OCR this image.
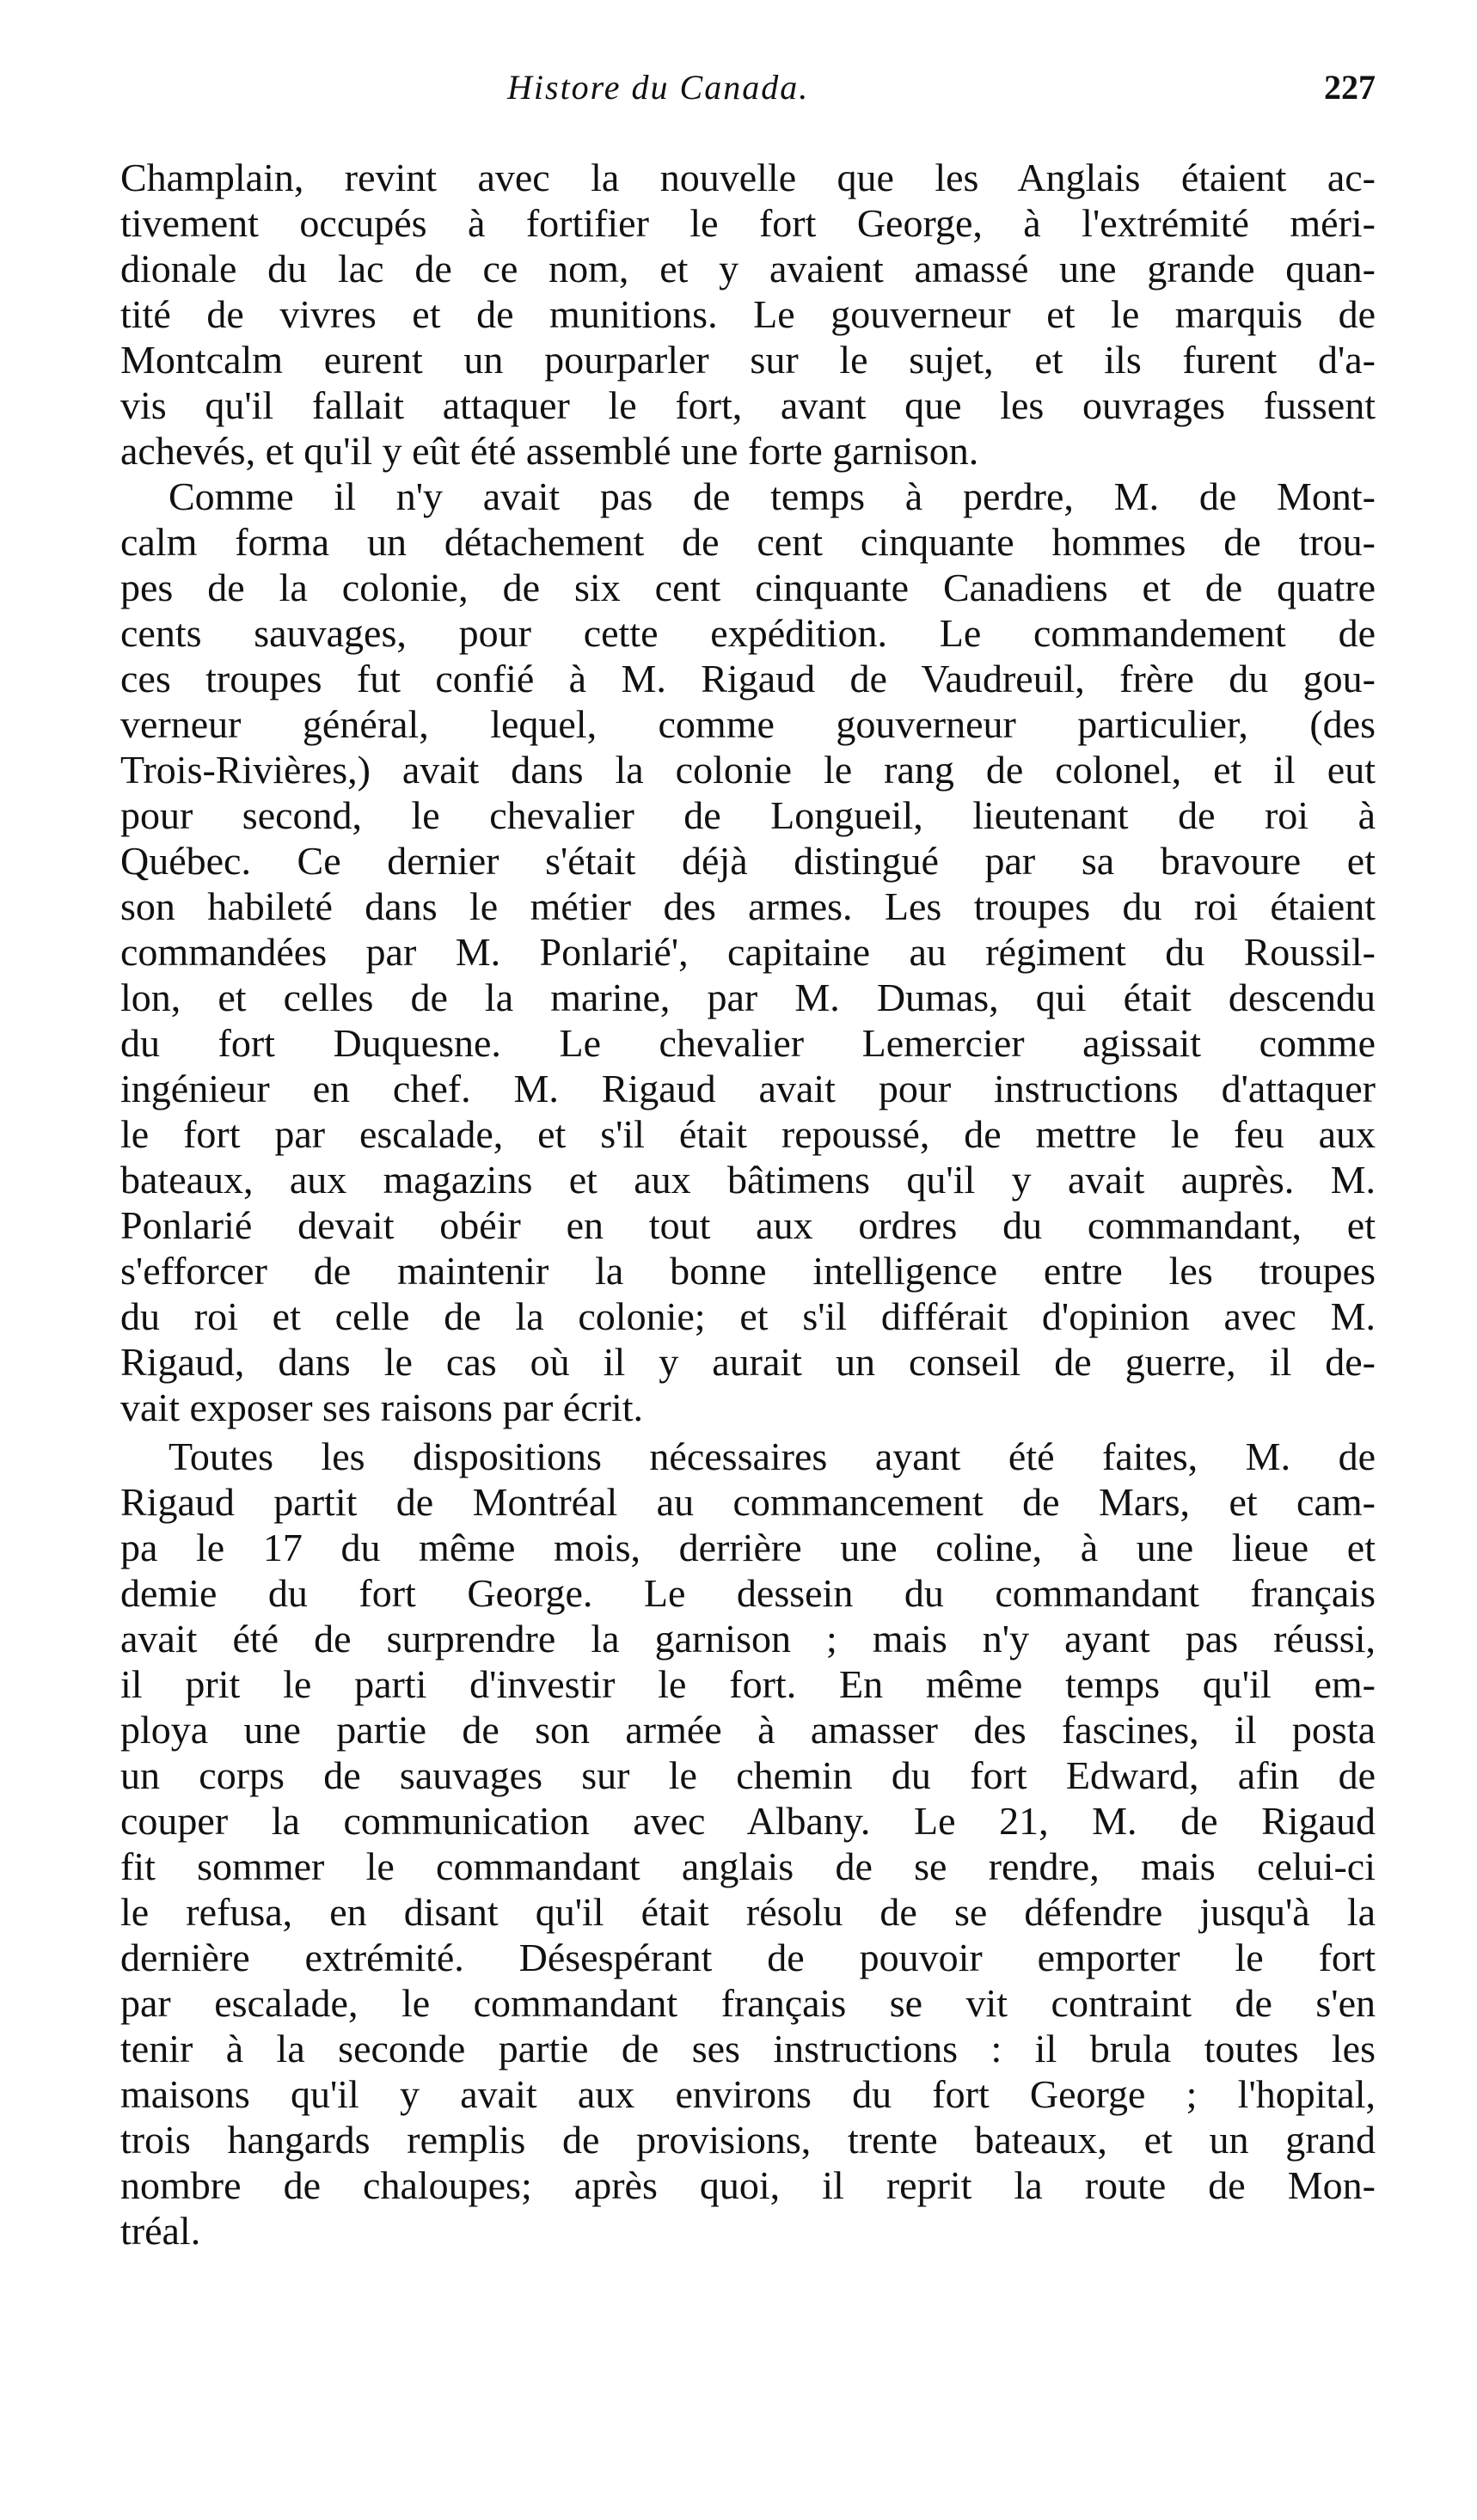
Histore du Canada.	227
Champlain, revint avec la nouvelle que les Anglais étaient ac-
tivement occupés à fortifier le fort George, à l'extrémité méri-
dionale du lac de ce nom, et y avaient amassé une grande quan-
tité de vivres et de munitions. Le gouverneur et le marquis de
Montcalm eurent un pourparler sur le sujet, et ils furent d'a-
vis qu'il fallait attaquer le fort, avant que les ouvrages fussent
achevés, et qu'il y eût été assemblé une forte garnison.
Comme il n'y avait pas de temps à perdre, M. de Mont-
calm forma un détachement de cent cinquante hommes de trou-
pes de la colonie, de six cent cinquante Canadiens et de quatre
cents sauvages, pour cette expédition. Le commandement de
ces troupes fut confié à M. Rigaud de Vaudreuil, frère du gou-
verneur général, lequel, comme gouverneur particulier, (des
Trois-Rivières,) avait dans la colonie le rang de colonel, et il eut
pour second, le chevalier de Longueil, lieutenant de roi à
Québec. Ce dernier s'était déjà distingué par sa bravoure et
son habileté dans le métier des armes. Les troupes du roi étaient
commandées par M. Ponlarié', capitaine au régiment du Roussil-
lon, et celles de la marine, par M. Dumas, qui était descendu
du fort Duquesne. Le chevalier Lemercier agissait comme
ingénieur en chef. M. Rigaud avait pour instructions d'attaquer
le fort par escalade, et s'il était repoussé, de mettre le feu aux
bateaux, aux magazins et aux bâtimens qu'il y avait auprès. M.
Ponlarié devait obéir en tout aux ordres du commandant, et
s'efforcer de maintenir la bonne intelligence entre les troupes
du roi et celle de la colonie; et s'il différait d'opinion avec M.
Rigaud, dans le cas où il y aurait un conseil de guerre, il de-
vait exposer ses raisons par écrit.
Toutes les dispositions nécessaires ayant été faites, M. de
Rigaud partit de Montréal au commancement de Mars, et cam-
pa le 17 du même mois, derrière une coline, à une lieue et
demie du fort George. Le dessein du commandant français
avait été de surprendre la garnison ; mais n'y ayant pas réussi,
il prit le parti d'investir le fort. En même temps qu'il em-
ploya une partie de son armée à amasser des fascines, il posta
un corps de sauvages sur le chemin du fort Edward, afin de
couper la communication avec Albany. Le 21, M. de Rigaud
fit sommer le commandant anglais de se rendre, mais celui-ci
le refusa, en disant qu'il était résolu de se défendre jusqu'à la
dernière extrémité. Désespérant de pouvoir emporter le fort
par escalade, le commandant français se vit contraint de s'en
tenir à la seconde partie de ses instructions : il brula toutes les
maisons qu'il y avait aux environs du fort George ; l'hopital,
trois hangards remplis de provisions, trente bateaux, et un grand
nombre de chaloupes; après quoi, il reprit la route de Mon-
tréal.
